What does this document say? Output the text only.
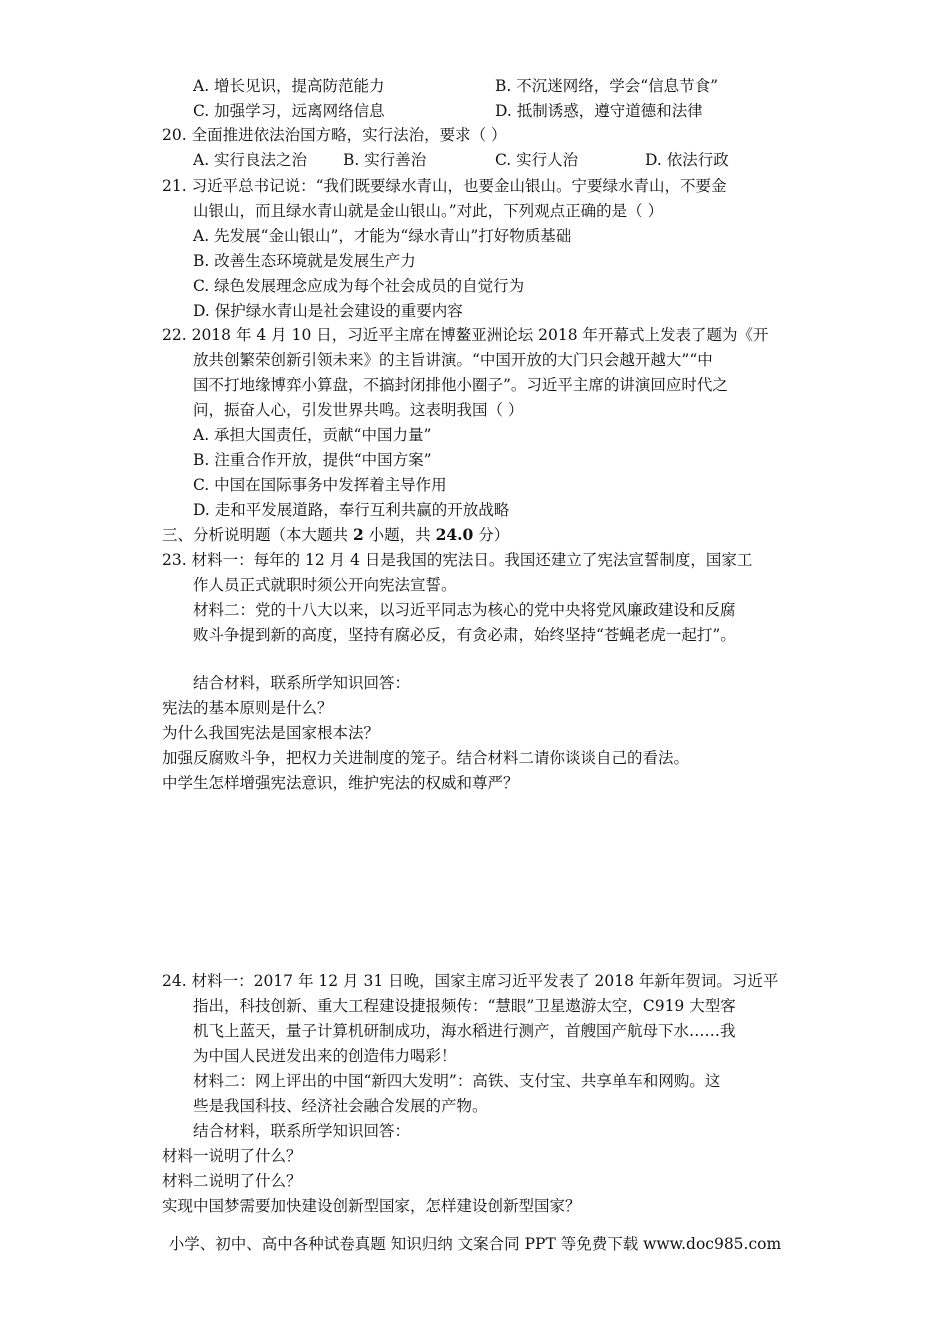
A. 增长见识，提高防范能力	B. 不沉迷网络，学会“信息节食”
C. 加强学习，远离网络信息	D. 抵制诱惑，遵守道德和法律
20. 全面推进依法治国方略，实行法治，要求（ ）
A. 实行良法之治 B. 实行善治	C. 实行人治	D. 依法行政
21. 习近平总书记说：“我们既要绿水青山，也要金山银山。宁要绿水青山，不要金
山银山，而且绿水青山就是金山银山。”对此，下列观点正确的是（ ）
A. 先发展“金山银山”，才能为“绿水青山”打好物质基础
B. 改善生态环境就是发展生产力
C. 绿色发展理念应成为每个社会成员的自觉行为
D. 保护绿水青山是社会建设的重要内容
22. 2018 年 4 月 10 日，习近平主席在博鳌亚洲论坛 2018 年开幕式上发表了题为《开
放共创繁荣创新引领未来》的主旨讲演。“中国开放的大门只会越开越大”“中
国不打地缘博弈小算盘，不搞封闭排他小圈子”。习近平主席的讲演回应时代之
问，振奋人心，引发世界共鸣。这表明我国（ ）
A. 承担大国责任，贡献“中国力量”
B. 注重合作开放，提供“中国方案”
C. 中国在国际事务中发挥着主导作用
D. 走和平发展道路，奉行互利共赢的开放战略
三、分析说明题（本大题共 2 小题，共 24.0 分）
23. 材料一：每年的 12 月 4 日是我国的宪法日。我国还建立了宪法宣誓制度，国家工
作人员正式就职时须公开向宪法宣誓。
材料二：党的十八大以来，以习近平同志为核心的党中央将党风廉政建设和反腐
败斗争提到新的高度，坚持有腐必反，有贪必肃，始终坚持“苍蝇老虎一起打”。
结合材料，联系所学知识回答：
宪法的基本原则是什么？
为什么我国宪法是国家根本法？
加强反腐败斗争，把权力关进制度的笼子。结合材料二请你谈谈自己的看法。
中学生怎样增强宪法意识，维护宪法的权威和尊严？
24. 材料一：2017 年 12 月 31 日晚，国家主席习近平发表了 2018 年新年贺词。习近平
指出，科技创新、重大工程建设捷报频传：“慧眼”卫星遨游太空，C919 大型客
机飞上蓝天，量子计算机研制成功，海水稻进行测产，首艘国产航母下水……我
为中国人民迸发出来的创造伟力喝彩！
材料二：网上评出的中国“新四大发明”：高铁、支付宝、共享单车和网购。这
些是我国科技、经济社会融合发展的产物。
结合材料，联系所学知识回答：
材料一说明了什么？
材料二说明了什么？
实现中国梦需要加快建设创新型国家，怎样建设创新型国家？
小学、初中、高中各种试卷真题 知识归纳 文案合同 PPT 等免费下载 www.doc985.com
